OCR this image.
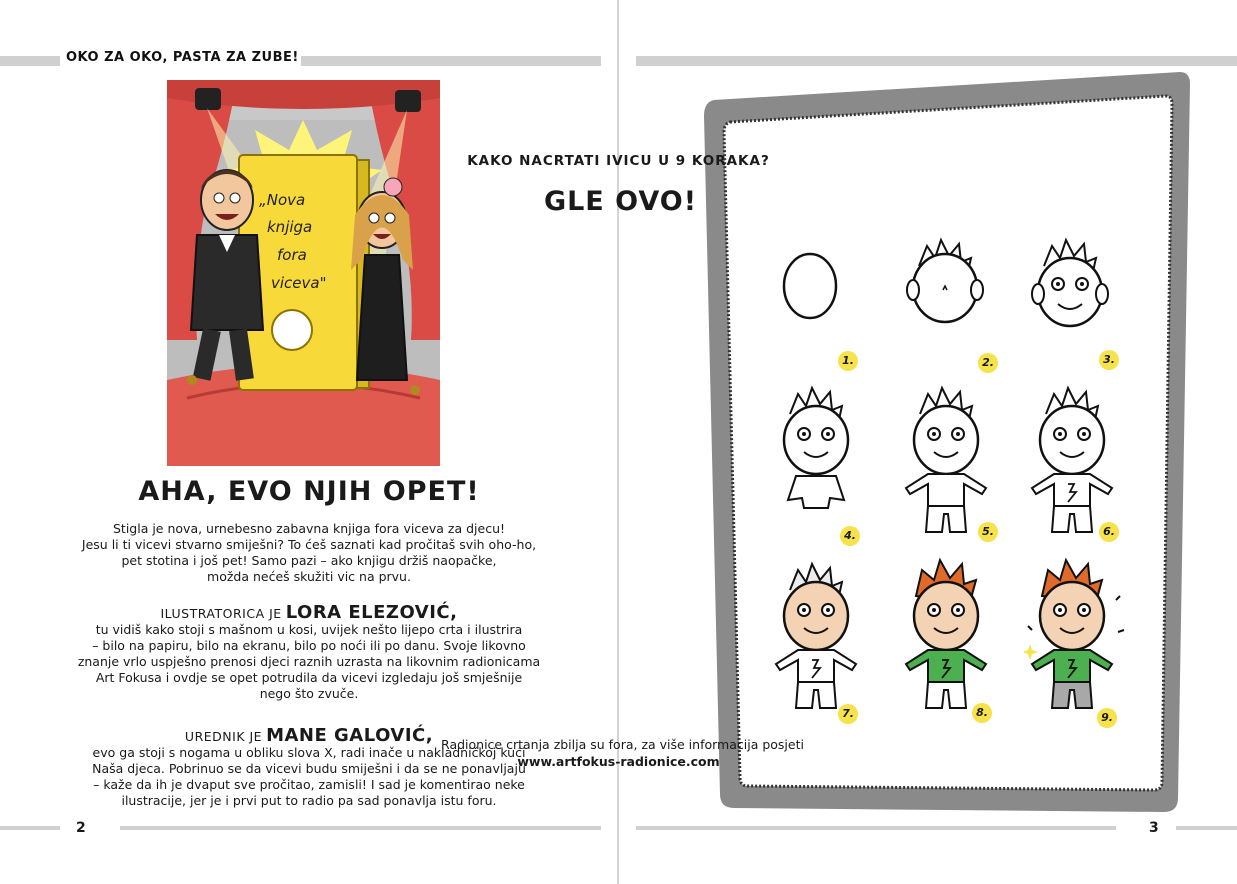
OKO ZA OKO, PASTA ZA ZUBE!
„Nova
knjiga
fora
viceva"
AHA, EVO NJIH OPET!
Stigla je nova, urnebesno zabavna knjiga fora viceva za djecu!
Jesu li ti vicevi stvarno smiješni? To ćeš saznati kad pročitaš svih oho-ho,
pet stotina i još pet! Samo pazi – ako knjigu držiš naopačke,
možda nećeš skužiti vic na prvu.
ILUSTRATORICA JE LORA ELEZOVIĆ,
tu vidiš kako stoji s mašnom u kosi, uvijek nešto lijepo crta i ilustrira
– bilo na papiru, bilo na ekranu, bilo po noći ili po danu. Svoje likovno
znanje vrlo uspješno prenosi djeci raznih uzrasta na likovnim radionicama
Art Fokusa i ovdje se opet potrudila da vicevi izgledaju još smješnije
nego što zvuče.
UREDNIK JE MANE GALOVIĆ,
evo ga stoji s nogama u obliku slova X, radi inače u nakladničkoj kući
Naša djeca. Pobrinuo se da vicevi budu smiješni i da se ne ponavljaju
– kaže da ih je dvaput sve pročitao, zamisli! I sad je komentirao neke
ilustracije, jer je i prvi put to radio pa sad ponavlja istu foru.
2
KAKO NACRTATI IVICU U 9 KORAKA?
GLE OVO!
1.	2.	3.
4.	5.	6.
7.	8.	9.
Radionice crtanja zbilja su fora, za više informacija posjeti
www.artfokus-radionice.com
3
